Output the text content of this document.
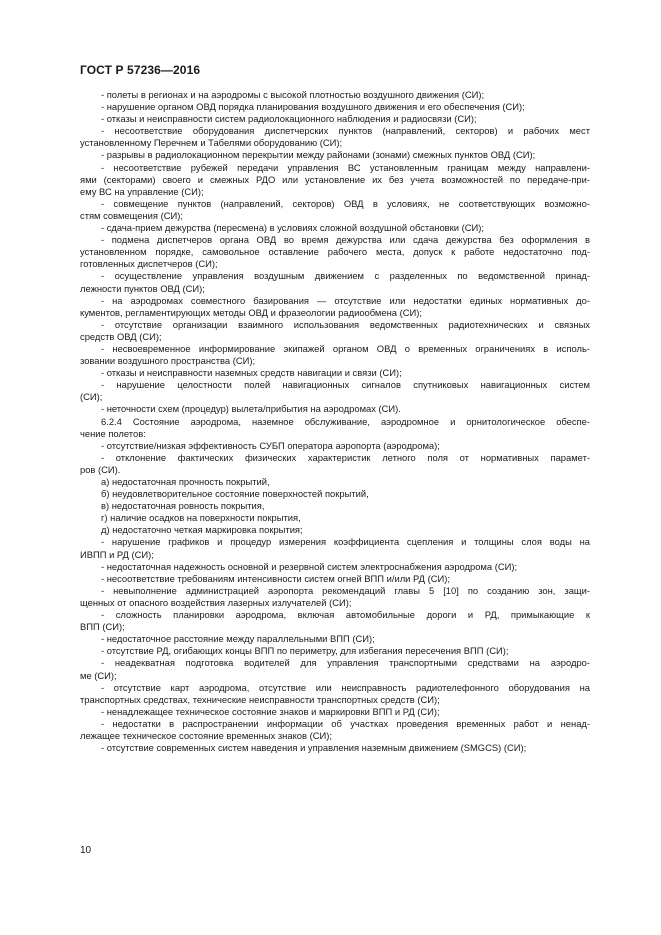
ГОСТ Р 57236—2016
- полеты в регионах и на аэродромы с высокой плотностью воздушного движения (СИ);
- нарушение органом ОВД порядка планирования воздушного движения и его обеспечения (СИ);
- отказы и неисправности систем радиолокационного наблюдения и радиосвязи (СИ);
- несоответствие оборудования диспетчерских пунктов (направлений, секторов) и рабочих мест
установленному Перечнем и Табелями оборудованию (СИ);
- разрывы в радиолокационном перекрытии между районами (зонами) смежных пунктов ОВД (СИ);
- несоответствие рубежей передачи управления ВС установленным границам между направлени-
ями (секторами) своего и смежных РДО или установление их без учета возможностей по передаче-при-
ему ВС на управление (СИ);
- совмещение пунктов (направлений, секторов) ОВД в условиях, не соответствующих возможно-
стям совмещения (СИ);
- сдача-прием дежурства (пересмена) в условиях сложной воздушной обстановки (СИ);
- подмена диспетчеров органа ОВД во время дежурства или сдача дежурства без оформления в
установленном порядке, самовольное оставление рабочего места, допуск к работе недостаточно под-
готовленных диспетчеров (СИ);
- осуществление управления воздушным движением с разделенных по ведомственной принад-
лежности пунктов ОВД (СИ);
- на аэродромах совместного базирования — отсутствие или недостатки единых нормативных до-
кументов, регламентирующих методы ОВД и фразеологии радиообмена (СИ);
- отсутствие организации взаимного использования ведомственных радиотехнических и связных
средств ОВД (СИ);
- несвоевременное информирование экипажей органом ОВД о временных ограничениях в исполь-
зовании воздушного пространства (СИ);
- отказы и неисправности наземных средств навигации и связи (СИ);
- нарушение целостности полей навигационных сигналов спутниковых навигационных систем
(СИ);
- неточности схем (процедур) вылета/прибытия на аэродромах (СИ).
6.2.4 Состояние аэродрома, наземное обслуживание, аэродромное и орнитологическое обеспе-
чение полетов:
- отсутствие/низкая эффективность СУБП оператора аэропорта (аэродрома);
- отклонение фактических физических характеристик летного поля от нормативных парамет-
ров (СИ).
а) недостаточная прочность покрытий,
б) неудовлетворительное состояние поверхностей покрытий,
в) недостаточная ровность покрытия,
г) наличие осадков на поверхности покрытия,
д) недостаточно четкая маркировка покрытия;
- нарушение графиков и процедур измерения коэффициента сцепления и толщины слоя воды на
ИВПП и РД (СИ);
- недостаточная надежность основной и резервной систем электроснабжения аэродрома (СИ);
- несоответствие требованиям интенсивности систем огней ВПП и/или РД (СИ);
- невыполнение администрацией аэропорта рекомендаций главы 5 [10] по созданию зон, защи-
щенных от опасного воздействия лазерных излучателей (СИ);
- сложность планировки аэродрома, включая автомобильные дороги и РД, примыкающие к
ВПП (СИ);
- недостаточное расстояние между параллельными ВПП (СИ);
- отсутствие РД, огибающих концы ВПП по периметру, для избегания пересечения ВПП (СИ);
- неадекватная подготовка водителей для управления транспортными средствами на аэродро-
ме (СИ);
- отсутствие карт аэродрома, отсутствие или неисправность радиотелефонного оборудования на
транспортных средствах, технические неисправности транспортных средств (СИ);
- ненадлежащее техническое состояние знаков и маркировки ВПП и РД (СИ);
- недостатки в распространении информации об участках проведения временных работ и ненад-
лежащее техническое состояние временных знаков (СИ);
- отсутствие современных систем наведения и управления наземным движением (SMGCS) (СИ);
10
